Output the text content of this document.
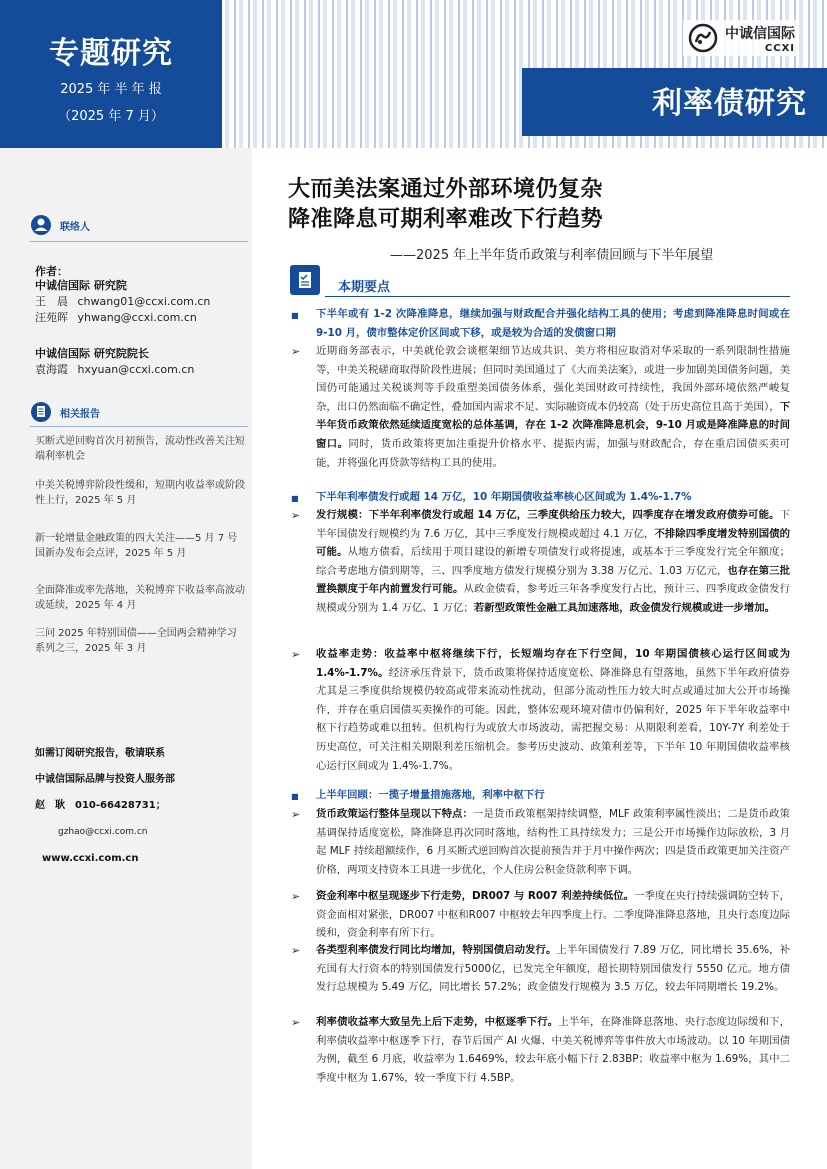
专题研究
2025 年 半 年 报
（2025 年 7 月）
中诚信国际
CCXI
利率债研究
联络人
作者：
中诚信国际 研究院
王　晨 chwang01@ccxi.com.cn
汪苑晖 yhwang@ccxi.com.cn
中诚信国际 研究院院长
袁海霞 hxyuan@ccxi.com.cn
相关报告
买断式逆回购首次月初预告，流动性改善关注短端利率机会
中美关税博弈阶段性缓和，短期内收益率或阶段性上行，2025 年 5 月
新一轮增量金融政策的四大关注——5 月 7 号国新办发布会点评，2025 年 5 月
全面降准或率先落地，关税博弈下收益率高波动或延续，2025 年 4 月
三问 2025 年特别国债——全国两会精神学习系列之三，2025 年 3 月
如需订阅研究报告，敬请联系
中诚信国际品牌与投资人服务部
赵　耿　010-66428731；
gzhao@ccxi.com.cn
www.ccxi.com.cn
大而美法案通过外部环境仍复杂
降准降息可期利率难改下行趋势
——2025 年上半年货币政策与利率债回顾与下半年展望
本期要点
■ 下半年或有 1-2 次降准降息，继续加强与财政配合并强化结构工具的使用；考虑到降准降息时间或在 9-10 月，债市整体定价区间或下移，或是较为合适的发债窗口期
➢ 近期商务部表示，中美就伦敦会谈框架细节达成共识、美方将相应取消对华采取的一系列限制性措施等，中美关税磋商取得阶段性进展；但同时美国通过了《大而美法案》，或进一步加剧美国债务问题，美国仍可能通过关税谈判等手段重塑美国债务体系，强化美国财政可持续性，我国外部环境依然严峻复杂，出口仍然面临不确定性，叠加国内需求不足、实际融资成本仍较高（处于历史高位且高于美国），下半年货币政策依然延续适度宽松的总体基调，存在 1-2 次降准降息机会，9-10 月或是降准降息的时间窗口。同时，货币政策将更加注重提升价格水平、提振内需，加强与财政配合，存在重启国债买卖可能，并将强化再贷款等结构工具的使用。
■ 下半年利率债发行或超 14 万亿，10 年期国债收益率核心区间或为 1.4%-1.7%
➢ 发行规模：下半年利率债发行或超 14 万亿，三季度供给压力较大，四季度存在增发政府债券可能。下半年国债发行规模约为 7.6 万亿，其中三季度发行规模或超过 4.1 万亿，不排除四季度增发特别国债的可能。从地方债看，后续用于项目建设的新增专项债发行或将提速，或基本于三季度发行完全年额度；综合考虑地方债到期等，三、四季度地方债发行规模分别为 3.38 万亿元、1.03 万亿元，也存在第三批置换额度于年内前置发行可能。从政金债看，参考近三年各季度发行占比，预计三、四季度政金债发行规模或分别为 1.4 万亿、1 万亿；若新型政策性金融工具加速落地，政金债发行规模或进一步增加。
➢ 收益率走势：收益率中枢将继续下行，长短端均存在下行空间，10 年期国债核心运行区间或为 1.4%-1.7%。经济承压背景下，货币政策将保持适度宽松、降准降息有望落地，虽然下半年政府债券尤其是三季度供给规模仍较高或带来流动性扰动，但部分流动性压力较大时点或通过加大公开市场操作，并存在重启国债买卖操作的可能。因此，整体宏观环境对债市仍偏利好，2025 年下半年收益率中枢下行趋势或难以扭转。但机构行为或放大市场波动，需把握交易：从期限利差看，10Y-7Y 利差处于历史高位，可关注相关期限利差压缩机会。参考历史波动、政策利差等，下半年 10 年期国债收益率核心运行区间或为 1.4%-1.7%。
■ 上半年回顾：一揽子增量措施落地，利率中枢下行
➢ 货币政策运行整体呈现以下特点：一是货币政策框架持续调整，MLF 政策利率属性淡出；二是货币政策基调保持适度宽松，降准降息再次同时落地，结构性工具持续发力；三是公开市场操作边际放松，3 月起 MLF 持续超额续作，6 月买断式逆回购首次提前预告并于月中操作两次；四是货币政策更加关注资产价格，两项支持资本工具进一步优化，个人住房公积金贷款利率下调。
➢ 资金利率中枢呈现逐步下行走势，DR007 与 R007 利差持续低位。一季度在央行持续强调防空转下，资金面相对紧张，DR007 中枢和R007 中枢较去年四季度上行。二季度降准降息落地，且央行态度边际缓和，资金利率有所下行。
➢ 各类型利率债发行同比均增加，特别国债启动发行。上半年国债发行 7.89 万亿，同比增长 35.6%，补充国有大行资本的特别国债发行5000亿，已发完全年额度，超长期特别国债发行 5550 亿元。地方债发行总规模为 5.49 万亿，同比增长 57.2%；政金债发行规模为 3.5 万亿，较去年同期增长 19.2%。
➢ 利率债收益率大致呈先上后下走势，中枢逐季下行。上半年，在降准降息落地、央行态度边际缓和下，利率债收益率中枢逐季下行，春节后国产 AI 火爆、中美关税博弈等事件放大市场波动。以 10 年期国债为例，截至 6 月底，收益率为 1.6469%，较去年底小幅下行 2.83BP；收益率中枢为 1.69%，其中二季度中枢为 1.67%，较一季度下行 4.5BP。
